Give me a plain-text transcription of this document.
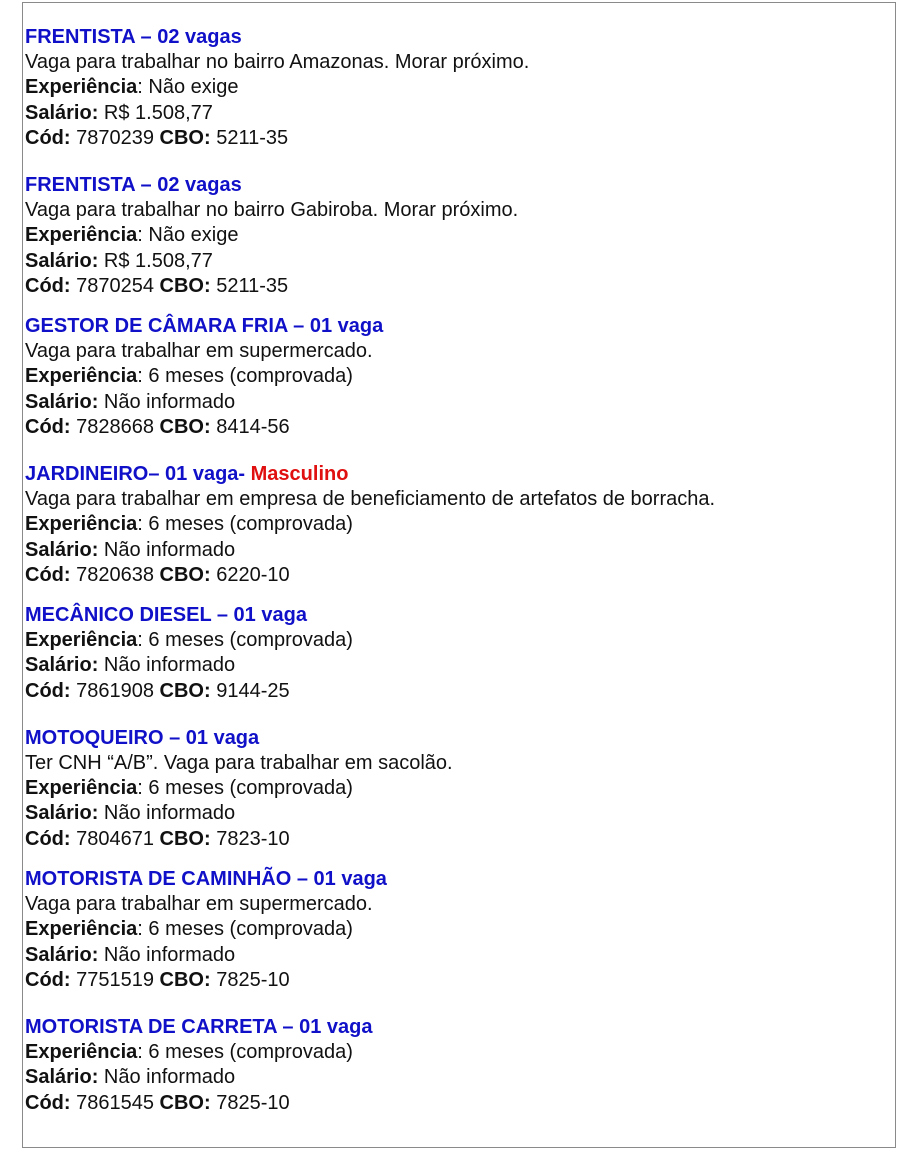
FRENTISTA – 02 vagas
Vaga para trabalhar no bairro Amazonas. Morar próximo.
Experiência: Não exige
Salário: R$ 1.508,77
Cód: 7870239 CBO: 5211-35
FRENTISTA – 02 vagas
Vaga para trabalhar no bairro Gabiroba. Morar próximo.
Experiência: Não exige
Salário: R$ 1.508,77
Cód: 7870254 CBO: 5211-35
GESTOR DE CÂMARA FRIA – 01 vaga
Vaga para trabalhar em supermercado.
Experiência: 6 meses (comprovada)
Salário: Não informado
Cód: 7828668 CBO: 8414-56
JARDINEIRO– 01 vaga- Masculino
Vaga para trabalhar em empresa de beneficiamento de artefatos de borracha.
Experiência: 6 meses (comprovada)
Salário: Não informado
Cód: 7820638 CBO: 6220-10
MECÂNICO DIESEL – 01 vaga
Experiência: 6 meses (comprovada)
Salário: Não informado
Cód: 7861908 CBO: 9144-25
MOTOQUEIRO – 01 vaga
Ter CNH “A/B”. Vaga para trabalhar em sacolão.
Experiência: 6 meses (comprovada)
Salário: Não informado
Cód: 7804671 CBO: 7823-10
MOTORISTA DE CAMINHÃO – 01 vaga
Vaga para trabalhar em supermercado.
Experiência: 6 meses (comprovada)
Salário: Não informado
Cód: 7751519 CBO: 7825-10
MOTORISTA DE CARRETA – 01 vaga
Experiência: 6 meses (comprovada)
Salário: Não informado
Cód: 7861545 CBO: 7825-10
